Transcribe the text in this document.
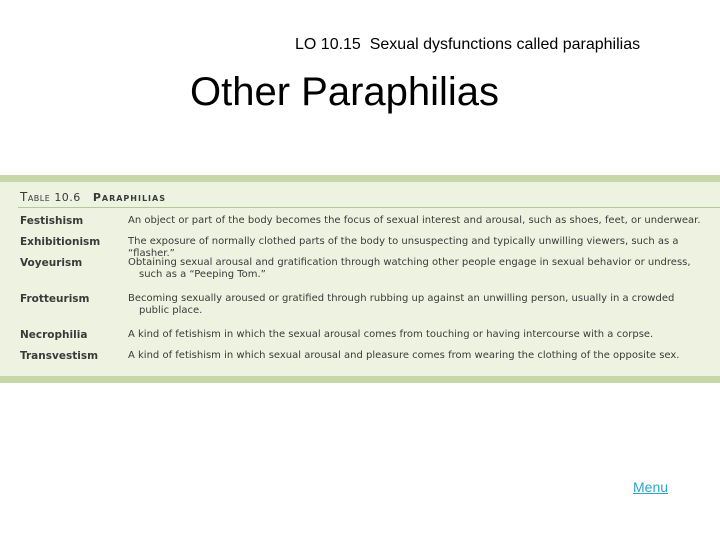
LO 10.15  Sexual dysfunctions called paraphilias
Other Paraphilias
Table 10.6 Paraphilias
Festishism	An object or part of the body becomes the focus of sexual interest and arousal, such as shoes, feet, or underwear.
Exhibitionism	The exposure of normally clothed parts of the body to unsuspecting and typically unwilling viewers, such as a “flasher.”
Voyeurism	Obtaining sexual arousal and gratification through watching other people engage in sexual behavior or undress,
such as a “Peeping Tom.”
Frotteurism	Becoming sexually aroused or gratified through rubbing up against an unwilling person, usually in a crowded
public place.
Necrophilia	A kind of fetishism in which the sexual arousal comes from touching or having intercourse with a corpse.
Transvestism	A kind of fetishism in which sexual arousal and pleasure comes from wearing the clothing of the opposite sex.
Menu
